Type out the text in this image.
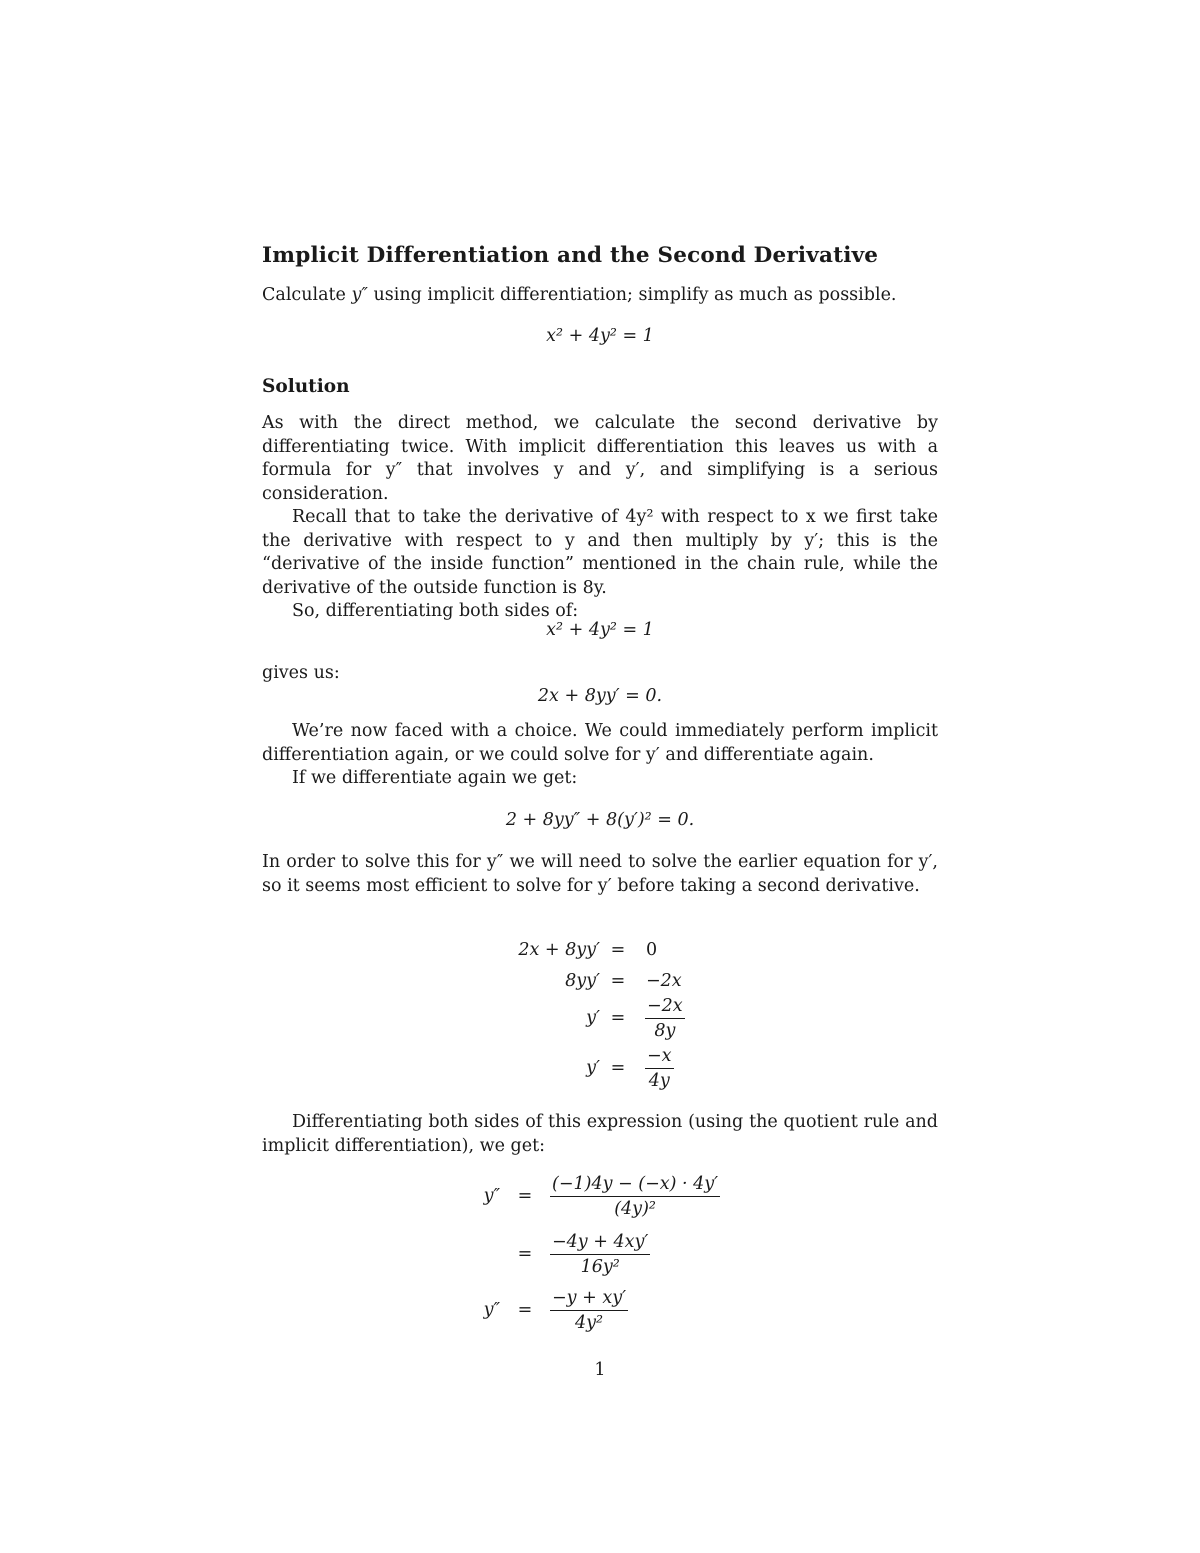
Implicit Differentiation and the Second Derivative
Calculate y″ using implicit differentiation; simplify as much as possible.
x² + 4y² = 1
Solution

As with the direct method, we calculate the second derivative by differentiating twice. With implicit differentiation this leaves us with a formula for y″ that involves y and y′, and simplifying is a serious consideration.

Recall that to take the derivative of 4y² with respect to x we first take the derivative with respect to y and then multiply by y′; this is the “derivative of the inside function” mentioned in the chain rule, while the derivative of the outside function is 8y.

So, differentiating both sides of:

x² + 4y² = 1
gives us:
2x + 8yy′ = 0.

We’re now faced with a choice. We could immediately perform implicit differentiation again, or we could solve for y′ and differentiate again.

If we differentiate again we get:

2 + 8yy″ + 8(y′)² = 0.

In order to solve this for y″ we will need to solve the earlier equation for y′, so it seems most efficient to solve for y′ before taking a second derivative.

2x + 8yy′ =	0
8yy′ =	−2x
y′ =	$\frac{-2x}{8y}$
y′ =	$\frac{-x}{4y}$

Differentiating both sides of this expression (using the quotient rule and implicit differentiation), we get:

y″	=	$\frac{(-1)4y - (-x) \cdot 4y'}{\text{(4y)²}}$
=	$\frac{-4y + 4xy'}{\text{16y²}}$
y″	=	$\frac{-y + xy'}{\text{4y²}}$
1
